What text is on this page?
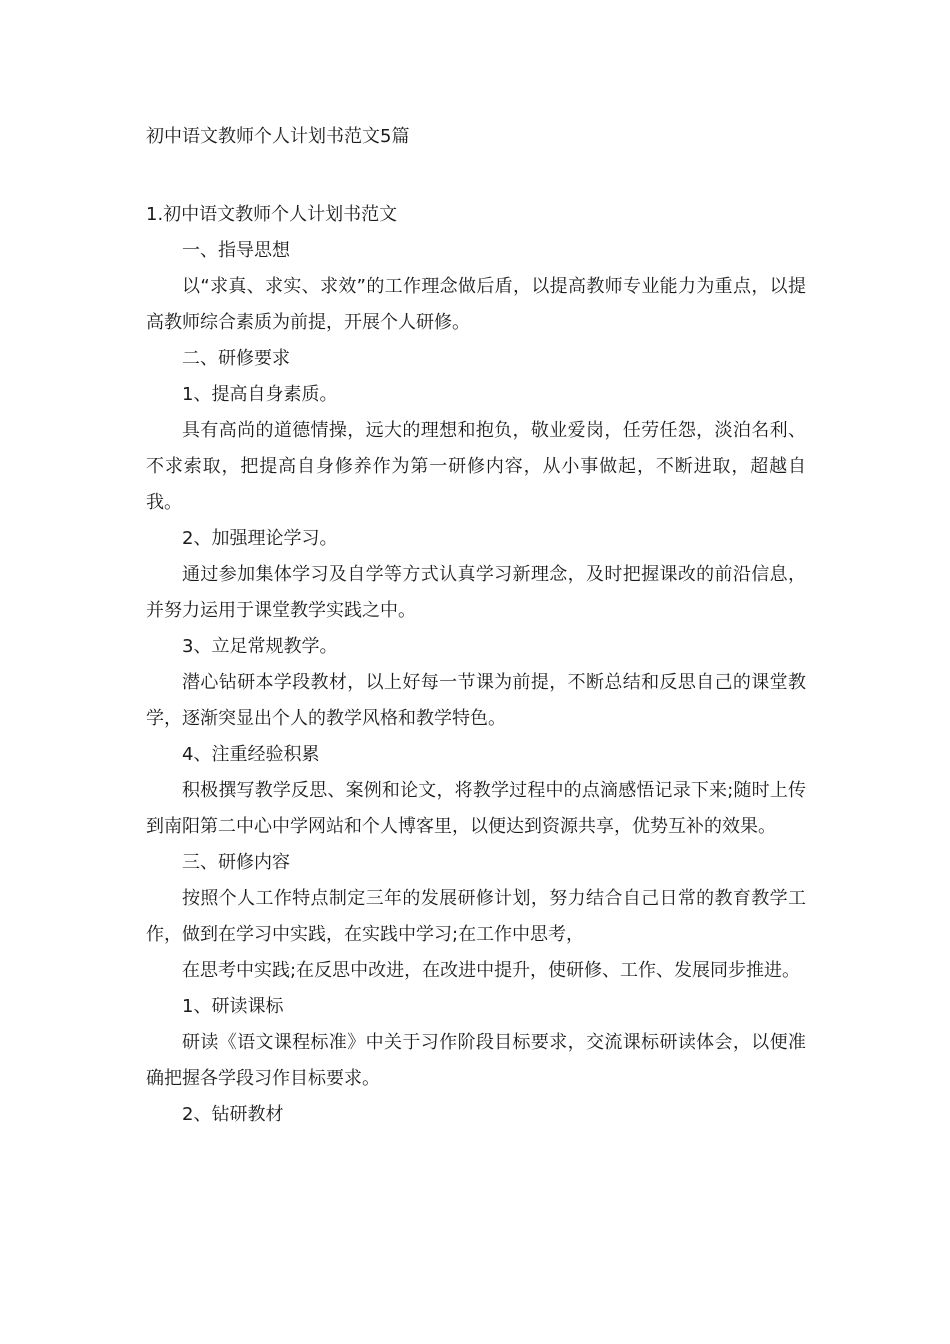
初中语文教师个人计划书范文5篇

1.初中语文教师个人计划书范文

一、指导思想

以“求真、求实、求效”的工作理念做后盾，以提高教师专业能力为重点，以提高教师综合素质为前提，开展个人研修。

二、研修要求

1、提高自身素质。

具有高尚的道德情操，远大的理想和抱负，敬业爱岗，任劳任怨，淡泊名利、不求索取，把提高自身修养作为第一研修内容，从小事做起，不断进取，超越自我。

2、加强理论学习。

通过参加集体学习及自学等方式认真学习新理念，及时把握课改的前沿信息，并努力运用于课堂教学实践之中。

3、立足常规教学。

潜心钻研本学段教材，以上好每一节课为前提，不断总结和反思自己的课堂教学，逐渐突显出个人的教学风格和教学特色。

4、注重经验积累

积极撰写教学反思、案例和论文，将教学过程中的点滴感悟记录下来;随时上传到南阳第二中心中学网站和个人博客里，以便达到资源共享，优势互补的效果。

三、研修内容

按照个人工作特点制定三年的发展研修计划，努力结合自己日常的教育教学工作，做到在学习中实践，在实践中学习;在工作中思考，

在思考中实践;在反思中改进，在改进中提升，使研修、工作、发展同步推进。

1、研读课标

研读《语文课程标准》中关于习作阶段目标要求，交流课标研读体会，以便准确把握各学段习作目标要求。

2、钻研教材
